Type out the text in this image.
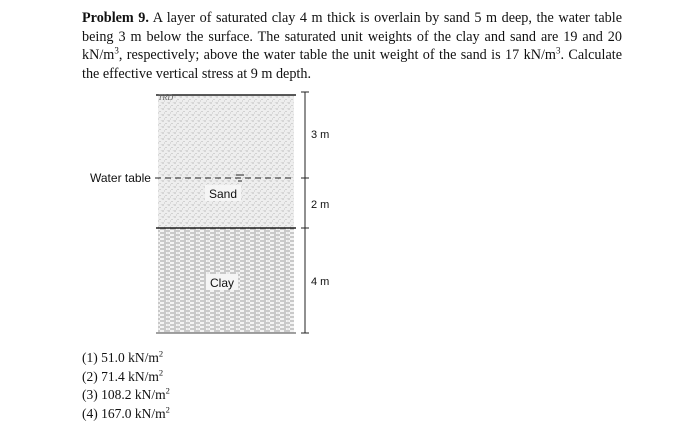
Problem 9. A layer of saturated clay 4 m thick is overlain by sand 5 m deep, the water table being 3 m below the surface. The saturated unit weights of the clay and sand are 19 and 20 $kN/m^3$, respectively; above the water table the unit weight of the sand is 17 $kN/m^3$. Calculate the effective vertical stress at 9 m depth.
TRD
Water table
Sand
Clay
3 m
2 m
4 m
(1) 51.0 $kN/m^2$
(2) 71.4 $kN/m^2$
(3) 108.2 $kN/m^2$
(4) 167.0 $kN/m^2$
